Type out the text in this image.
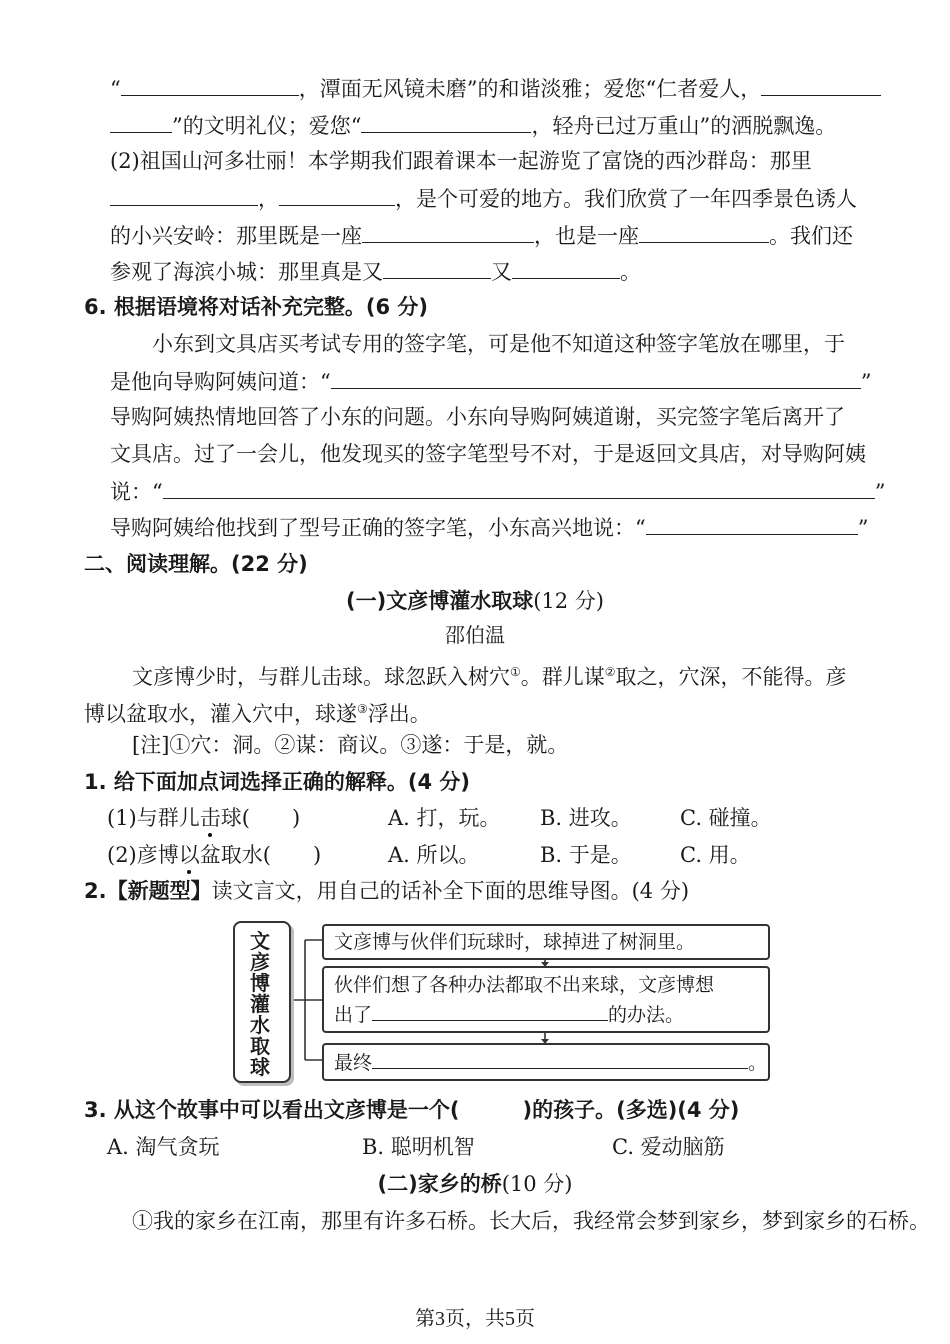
“	，潭面无风镜未磨”的和谐淡雅；爱您“仁者爱人，
”的文明礼仪；爱您“	，轻舟已过万重山”的洒脱飘逸。
(2)祖国山河多壮丽！本学期我们跟着课本一起游览了富饶的西沙群岛：那里
，	，是个可爱的地方。我们欣赏了一年四季景色诱人
的小兴安岭：那里既是一座	，也是一座	。我们还
参观了海滨小城：那里真是又	又	。
6. 根据语境将对话补充完整。(6 分)
小东到文具店买考试专用的签字笔，可是他不知道这种签字笔放在哪里，于
是他向导购阿姨问道：“	”
导购阿姨热情地回答了小东的问题。小东向导购阿姨道谢，买完签字笔后离开了
文具店。过了一会儿，他发现买的签字笔型号不对，于是返回文具店，对导购阿姨
说：“	”
导购阿姨给他找到了型号正确的签字笔，小东高兴地说：“	”
二、阅读理解。(22 分)
(一)文彦博灌水取球(12 分)
邵伯温
文彦博少时，与群儿击球。球忽跃入树穴①。群儿谋②取之，穴深，不能得。彦
博以盆取水，灌入穴中，球遂③浮出。
[注]①穴：洞。②谋：商议。③遂：于是，就。
1. 给下面加点词选择正确的解释。(4 分)
(1)与群儿击球(　　)	A. 打，玩。 B. 进攻。 C. 碰撞。
(2)彦博以盆取水(　　)	A. 所以。	B. 于是。 C. 用。
2.【新题型】读文言文，用自己的话补全下面的思维导图。(4 分)
文彦博灌水取球
文彦博与伙伴们玩球时，球掉进了树洞里。
伙伴们想了各种办法都取不出来球，文彦博想
出了	的办法。
最终	。
3. 从这个故事中可以看出文彦博是一个(　　　)的孩子。(多选)(4 分)
A. 淘气贪玩	B. 聪明机智	C. 爱动脑筋
(二)家乡的桥(10 分)
①我的家乡在江南，那里有许多石桥。长大后，我经常会梦到家乡，梦到家乡的石桥。
第3页，共5页
